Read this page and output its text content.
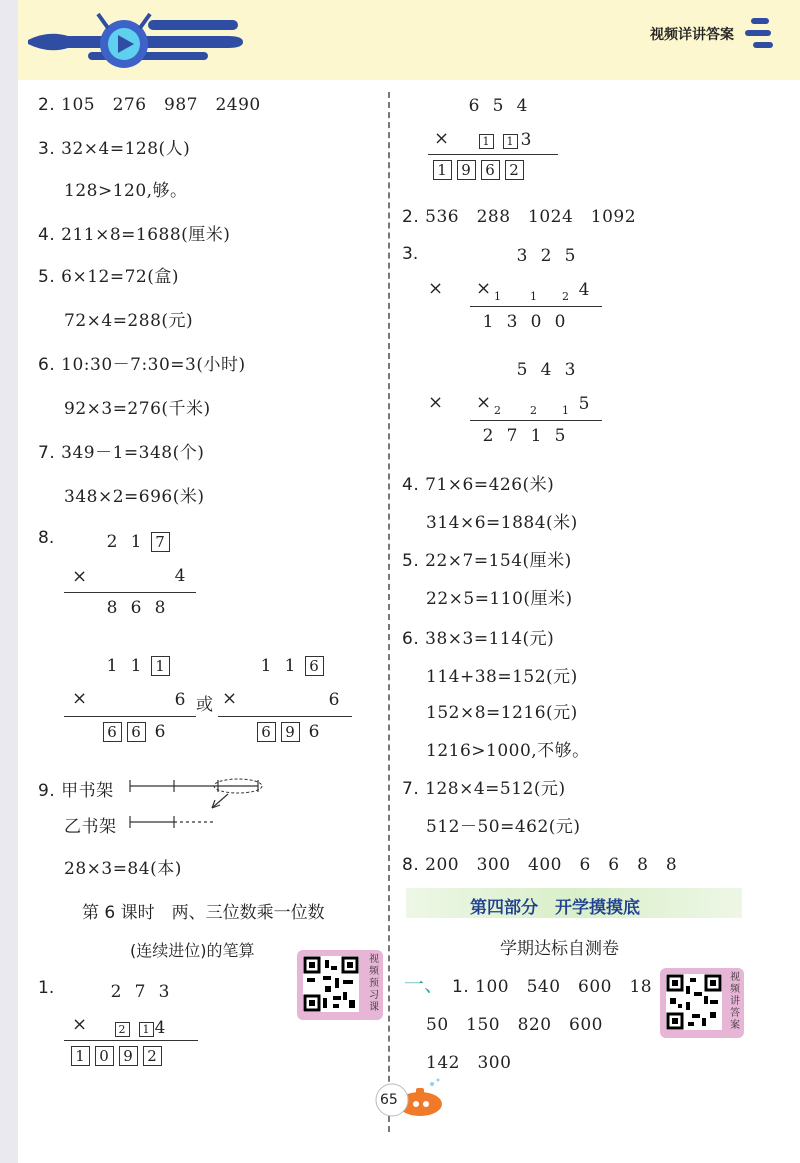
视频详讲答案
2. 105　276　987　2490
3. 32×4=128(人)
128>120,够。
4. 211×8=1688(厘米)
5. 6×12=72(盒)
72×4=288(元)
6. 10:30－7:30=3(小时)
92×3=276(千米)
7. 349－1=348(个)
348×2=696(米)
8.	2 1 7
×	4
8 6 8
1 1 1
×	6 或
6 6 6
1 1 6
×	6
6 9 6
9. 甲书架
乙书架
28×3=84(本)
第 6 课时　两、三位数乘一位数
(连续进位)的笔算	视频预习课
1.	2 7 3
×	2 1 4
1 0 9 2
6 5 4
×	1 1 3
1 9 6 2
2. 536　288　1024　1092
3.	3 2 5
× × 1	1 2 4
1 3 0 0
5 4 3
× × 2	2 1 5
2 7 1 5
4. 71×6=426(米)
314×6=1884(米)
5. 22×7=154(厘米)
22×5=110(厘米)
6. 38×3=114(元)
114+38=152(元)
152×8=1216(元)
1216>1000,不够。
7. 128×4=512(元)
512－50=462(元)
8. 200　300　400　6　6　8　8
第四部分　开学摸摸底
学期达标自测卷
视频讲答案
一、 1. 100　540　600　18
50　150　820　600
142　300
65
